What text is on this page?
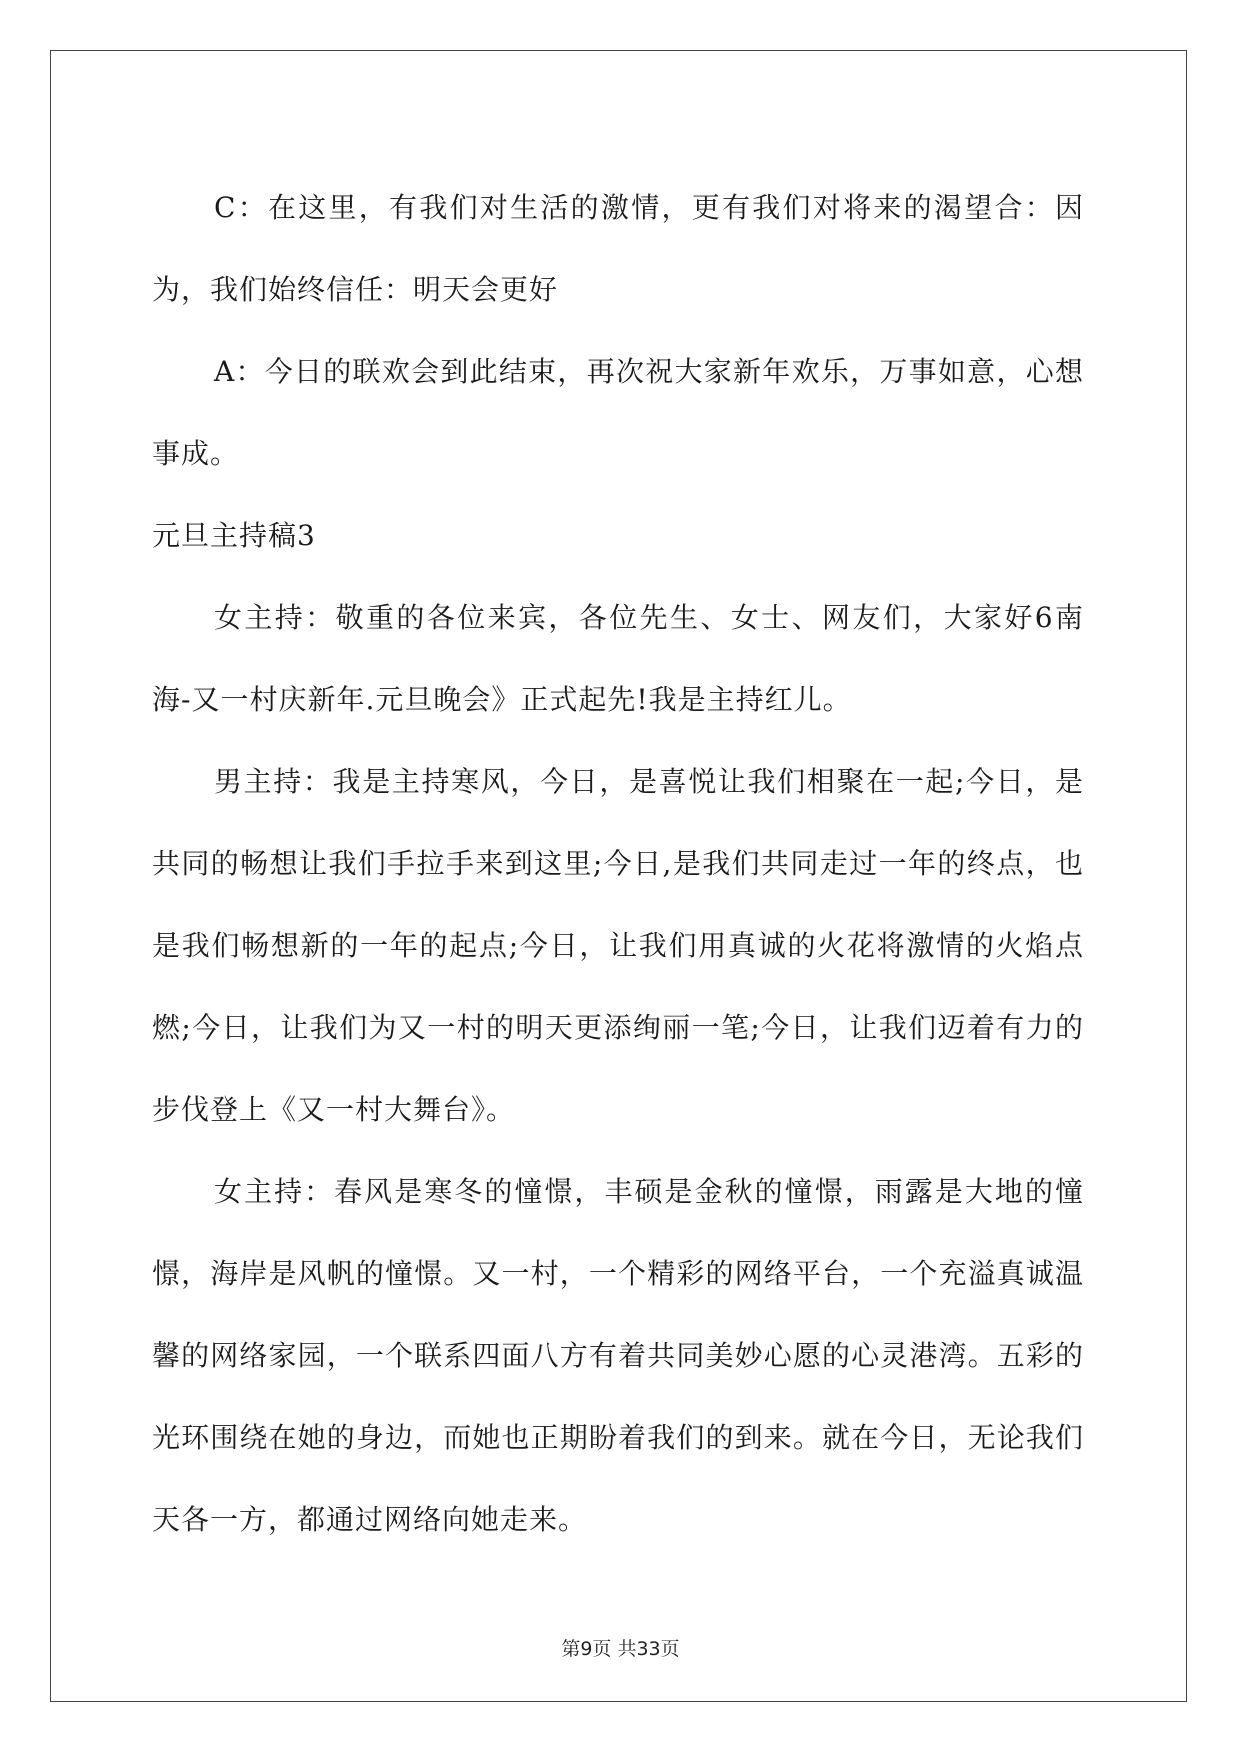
C：在这里，有我们对生活的激情，更有我们对将来的渴望合：因为，我们始终信任：明天会更好

A：今日的联欢会到此结束，再次祝大家新年欢乐，万事如意，心想事成。

元旦主持稿3

女主持：敬重的各位来宾，各位先生、女士、网友们，大家好6南海-又一村庆新年.元旦晚会》正式起先!我是主持红儿。

男主持：我是主持寒风，今日，是喜悦让我们相聚在一起;今日，是共同的畅想让我们手拉手来到这里;今日,是我们共同走过一年的终点，也是我们畅想新的一年的起点;今日，让我们用真诚的火花将激情的火焰点燃;今日，让我们为又一村的明天更添绚丽一笔;今日，让我们迈着有力的步伐登上《又一村大舞台》。

女主持：春风是寒冬的憧憬，丰硕是金秋的憧憬，雨露是大地的憧憬，海岸是风帆的憧憬。又一村，一个精彩的网络平台，一个充溢真诚温馨的网络家园，一个联系四面八方有着共同美妙心愿的心灵港湾。五彩的光环围绕在她的身边，而她也正期盼着我们的到来。就在今日，无论我们天各一方，都通过网络向她走来。

第9页 共33页
